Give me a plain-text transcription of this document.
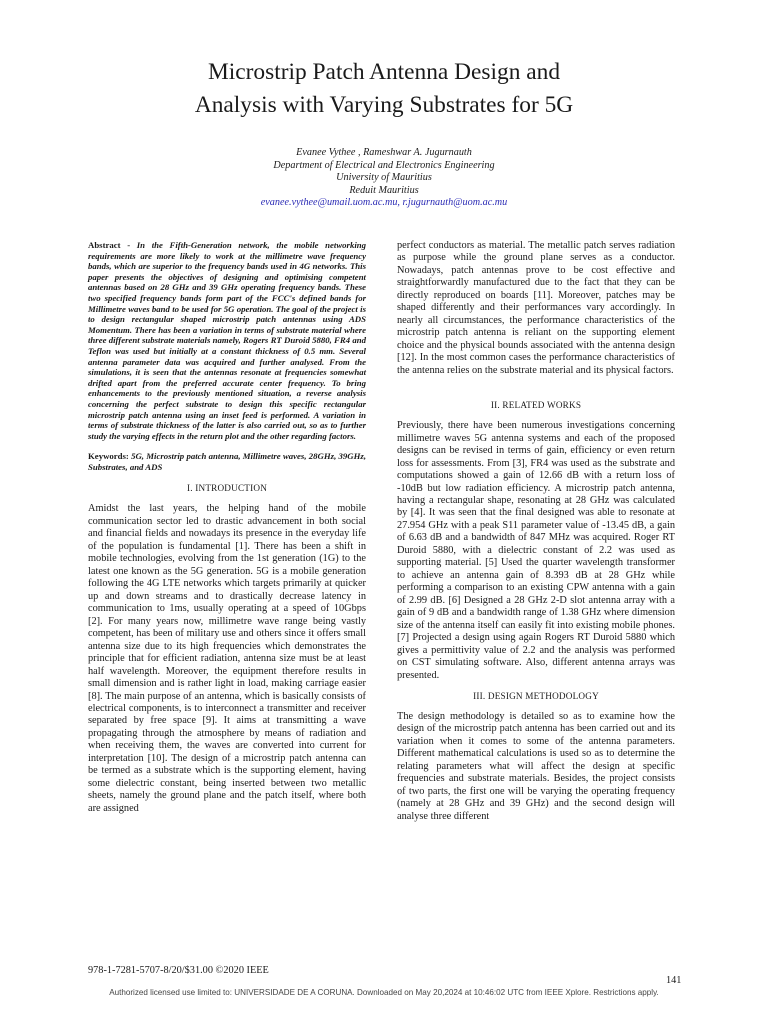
Microstrip Patch Antenna Design and
Analysis with Varying Substrates for 5G
Evanee Vythee , Rameshwar A. Jugurnauth
Department of Electrical and Electronics Engineering
University of Mauritius
Reduit Mauritius
evanee.vythee@umail.uom.ac.mu, r.jugurnauth@uom.ac.mu

Abstract - In the Fifth-Generation network, the mobile networking requirements are more likely to work at the millimetre wave frequency bands, which are superior to the frequency bands used in 4G networks. This paper presents the objectives of designing and optimising competent antennas based on 28 GHz and 39 GHz operating frequency bands. These two specified frequency bands form part of the FCC's defined bands for Millimetre waves band to be used for 5G operation. The goal of the project is to design rectangular shaped microstrip patch antennas using ADS Momentum. There has been a variation in terms of substrate material where three different substrate materials namely, Rogers RT Duroid 5880, FR4 and Teflon was used but initially at a constant thickness of 0.5 mm. Several antenna parameter data was acquired and further analysed. From the simulations, it is seen that the antennas resonate at frequencies somewhat drifted apart from the preferred accurate center frequency. To bring enhancements to the previously mentioned situation, a reverse analysis concerning the perfect substrate to design this specific rectangular microstrip patch antenna using an inset feed is performed. A variation in terms of substrate thickness of the latter is also carried out, so as to further study the varying effects in the return plot and the other regarding factors.

Keywords: 5G, Microstrip patch antenna, Millimetre waves, 28GHz, 39GHz, Substrates, and ADS

I. INTRODUCTION

Amidst the last years, the helping hand of the mobile communication sector led to drastic advancement in both social and financial fields and nowadays its presence in the everyday life of the population is fundamental [1]. There has been a shift in mobile technologies, evolving from the 1st generation (1G) to the latest one known as the 5G generation. 5G is a mobile generation following the 4G LTE networks which targets primarily at quicker up and down streams and to drastically decrease latency in communication to 1ms, usually operating at a speed of 10Gbps [2]. For many years now, millimetre wave range being vastly competent, has been of military use and others since it offers small antenna size due to its high frequencies which demonstrates the principle that for efficient radiation, antenna size must be at least half wavelength. Moreover, the equipment therefore results in small dimension and is rather light in load, making carriage easier [8]. The main purpose of an antenna, which is basically consists of electrical components, is to interconnect a transmitter and receiver separated by free space [9]. It aims at transmitting a wave propagating through the atmosphere by means of radiation and when receiving them, the waves are converted into current for interpretation [10]. The design of a microstrip patch antenna can be termed as a substrate which is the supporting element, having some dielectric constant, being inserted between two metallic sheets, namely the ground plane and the patch itself, where both are assigned

perfect conductors as material. The metallic patch serves radiation as purpose while the ground plane serves as a conductor. Nowadays, patch antennas prove to be cost effective and straightforwardly manufactured due to the fact that they can be directly reproduced on boards [11]. Moreover, patches may be shaped differently and their performances vary accordingly. In nearly all circumstances, the performance characteristics of the microstrip patch antenna is reliant on the supporting element choice and the physical bounds associated with the antenna design [12]. In the most common cases the performance characteristics of the antenna relies on the substrate material and its physical factors.

II. RELATED WORKS

Previously, there have been numerous investigations concerning millimetre waves 5G antenna systems and each of the proposed designs can be revised in terms of gain, efficiency or even return loss for assessments. From [3], FR4 was used as the substrate and computations showed a gain of 12.66 dB with a return loss of -10dB but low radiation efficiency. A microstrip patch antenna, having a rectangular shape, resonating at 28 GHz was calculated by [4]. It was seen that the final designed was able to resonate at 27.954 GHz with a peak S11 parameter value of -13.45 dB, a gain of 6.63 dB and a bandwidth of 847 MHz was acquired. Roger RT Duroid 5880, with a dielectric constant of 2.2 was used as supporting material. [5] Used the quarter wavelength transformer to achieve an antenna gain of 8.393 dB at 28 GHz while performing a comparison to an existing CPW antenna with a gain of 2.99 dB. [6] Designed a 28 GHz 2-D slot antenna array with a gain of 9 dB and a bandwidth range of 1.38 GHz where dimension size of the antenna itself can easily fit into existing mobile phones. [7] Projected a design using again Rogers RT Duroid 5880 which gives a permittivity value of 2.2 and the analysis was performed on CST simulating software. Also, different antenna arrays was presented.

III. DESIGN METHODOLOGY

The design methodology is detailed so as to examine how the design of the microstrip patch antenna has been carried out and its variation when it comes to some of the antenna parameters. Different mathematical calculations is used so as to determine the relating parameters what will affect the design at specific frequencies and substrate materials. Besides, the project consists of two parts, the first one will be varying the operating frequency (namely at 28 GHz and 39 GHz) and the second design will analyse three different

978-1-7281-5707-8/20/$31.00 ©2020 IEEE
141
Authorized licensed use limited to: UNIVERSIDADE DE A CORUNA. Downloaded on May 20,2024 at 10:46:02 UTC from IEEE Xplore. Restrictions apply.
